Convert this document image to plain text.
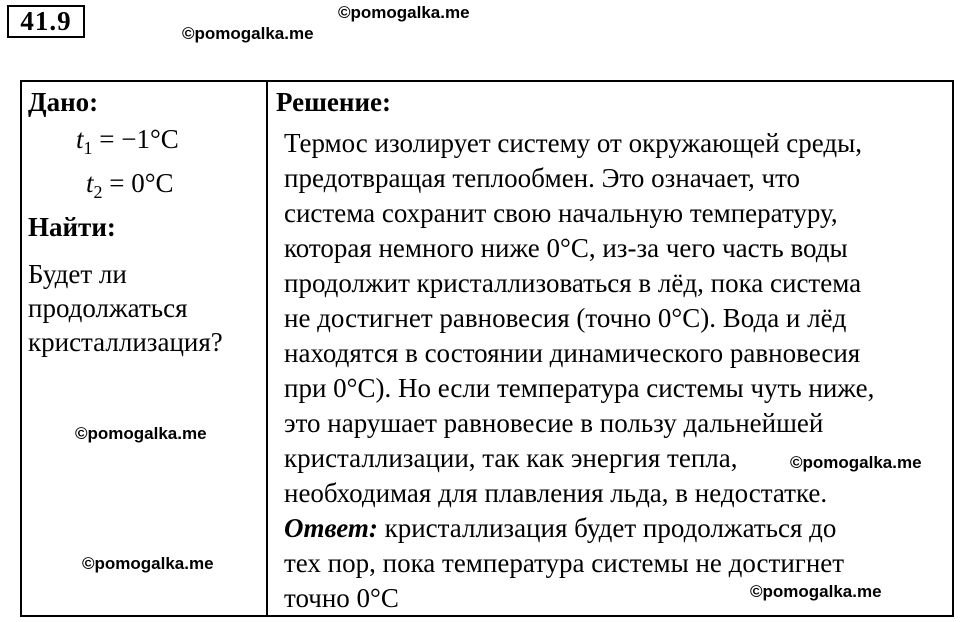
41.9	©pomogalka.me
©pomogalka.me
Дано:
$t_1 = -1^\circ C$
$t_2 = 0^\circ C$
Найти:
Будет ли
продолжаться
кристаллизация?
©pomogalka.me
©pomogalka.me
Решение:
Термос изолирует систему от окружающей среды,
предотвращая теплообмен. Это означает, что
система сохранит свою начальную температуру,
которая немного ниже 0°C, из-за чего часть воды
продолжит кристаллизоваться в лёд, пока система
не достигнет равновесия (точно 0°C). Вода и лёд
находятся в состоянии динамического равновесия
при 0°C). Но если температура системы чуть ниже,
это нарушает равновесие в пользу дальнейшей
кристаллизации, так как энергия тепла,
необходимая для плавления льда, в недостатке.
©pomogalka.me
Ответ: кристаллизация будет продолжаться до
тех пор, пока температура системы не достигнет
точно 0°C	©pomogalka.me
